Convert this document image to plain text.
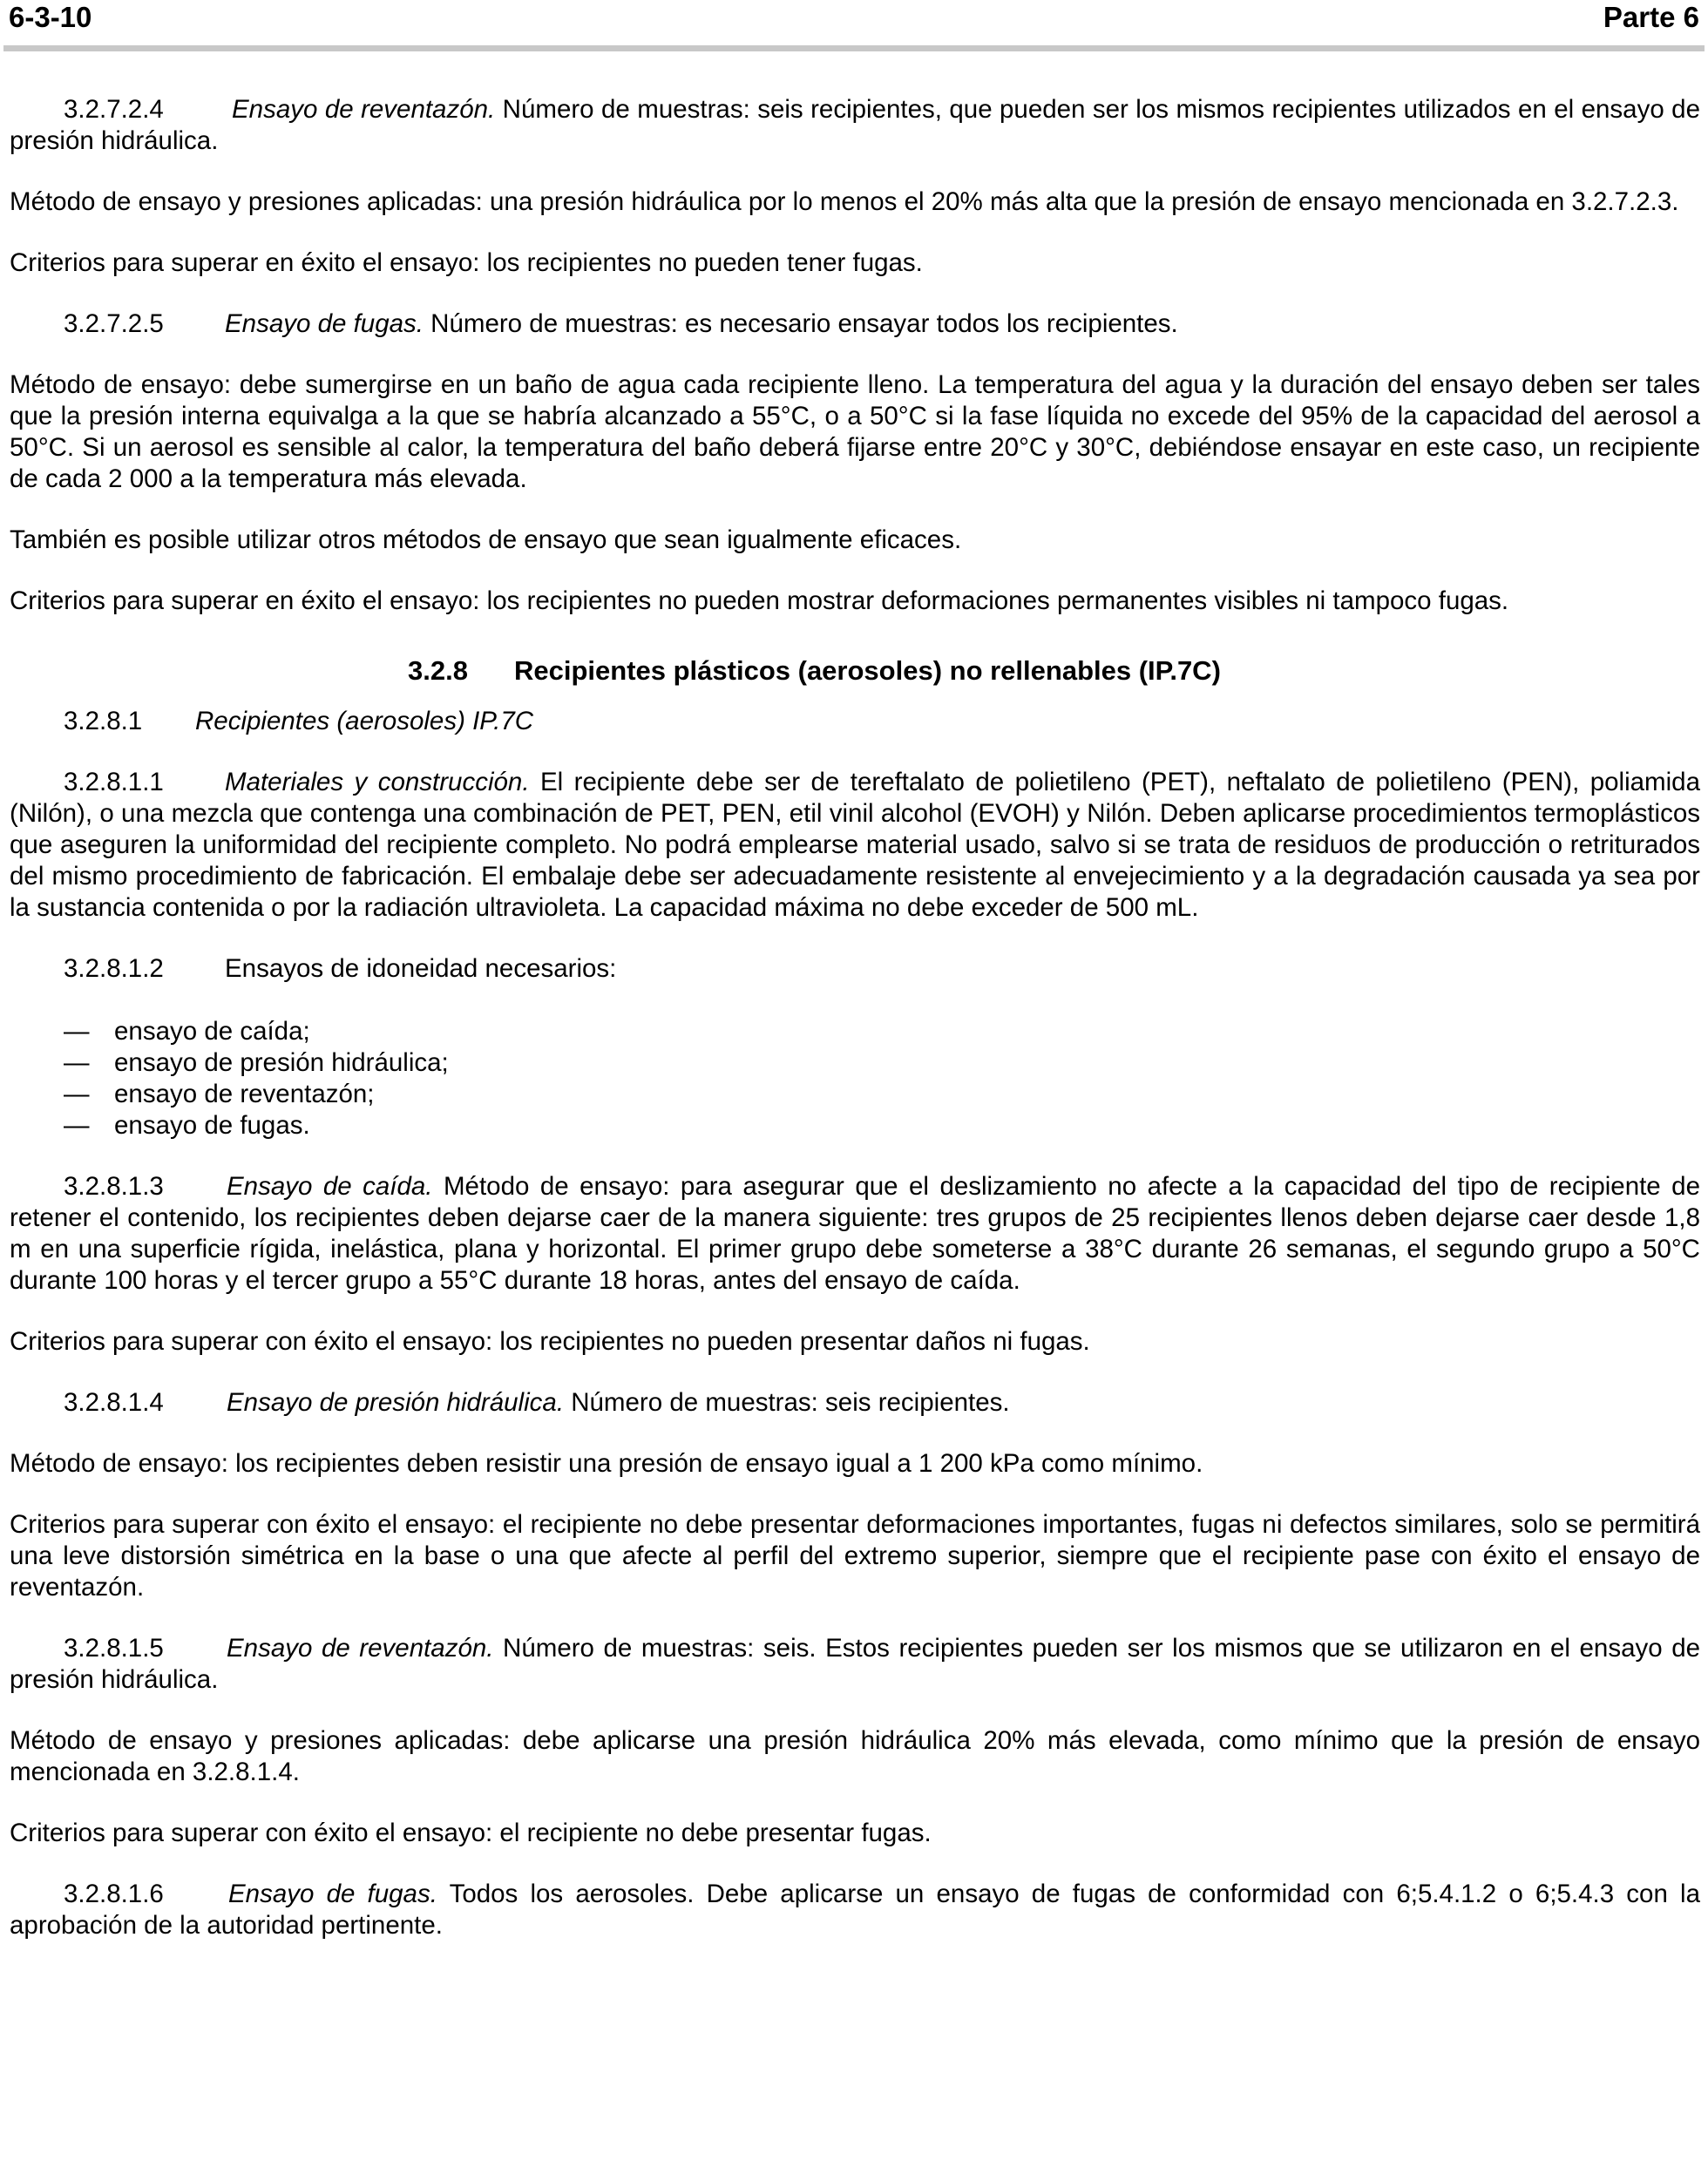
6-3-10	Parte 6

3.2.7.2.4	Ensayo de reventazón. Número de muestras: seis recipientes, que pueden ser los mismos recipientes utilizados en el ensayo de presión hidráulica.

Método de ensayo y presiones aplicadas: una presión hidráulica por lo menos el 20% más alta que la presión de ensayo mencionada en 3.2.7.2.3.

Criterios para superar en éxito el ensayo: los recipientes no pueden tener fugas.

3.2.7.2.5 Ensayo de fugas. Número de muestras: es necesario ensayar todos los recipientes.

Método de ensayo: debe sumergirse en un baño de agua cada recipiente lleno. La temperatura del agua y la duración del ensayo deben ser tales que la presión interna equivalga a la que se habría alcanzado a 55°C, o a 50°C si la fase líquida no excede del 95% de la capacidad del aerosol a 50°C. Si un aerosol es sensible al calor, la temperatura del baño deberá fijarse entre 20°C y 30°C, debiéndose ensayar en este caso, un recipiente de cada 2 000 a la temperatura más elevada.

También es posible utilizar otros métodos de ensayo que sean igualmente eficaces.

Criterios para superar en éxito el ensayo: los recipientes no pueden mostrar deformaciones permanentes visibles ni tampoco fugas.

3.2.8 Recipientes plásticos (aerosoles) no rellenables (IP.7C)

3.2.8.1 Recipientes (aerosoles) IP.7C

3.2.8.1.1 Materiales y construcción. El recipiente debe ser de tereftalato de polietileno (PET), neftalato de polietileno (PEN), poliamida (Nilón), o una mezcla que contenga una combinación de PET, PEN, etil vinil alcohol (EVOH) y Nilón. Deben aplicarse procedimientos termoplásticos que aseguren la uniformidad del recipiente completo. No podrá emplearse material usado, salvo si se trata de residuos de producción o retriturados del mismo procedimiento de fabricación. El embalaje debe ser adecuadamente resistente al envejecimiento y a la degradación causada ya sea por la sustancia contenida o por la radiación ultravioleta. La capacidad máxima no debe exceder de 500 mL.

3.2.8.1.2 Ensayos de idoneidad necesarios:

— ensayo de caída;
— ensayo de presión hidráulica;
— ensayo de reventazón;
— ensayo de fugas.

3.2.8.1.3 Ensayo de caída. Método de ensayo: para asegurar que el deslizamiento no afecte a la capacidad del tipo de recipiente de retener el contenido, los recipientes deben dejarse caer de la manera siguiente: tres grupos de 25 recipientes llenos deben dejarse caer desde 1,8 m en una superficie rígida, inelástica, plana y horizontal. El primer grupo debe someterse a 38°C durante 26 semanas, el segundo grupo a 50°C durante 100 horas y el tercer grupo a 55°C durante 18 horas, antes del ensayo de caída.

Criterios para superar con éxito el ensayo: los recipientes no pueden presentar daños ni fugas.

3.2.8.1.4 Ensayo de presión hidráulica. Número de muestras: seis recipientes.

Método de ensayo: los recipientes deben resistir una presión de ensayo igual a 1 200 kPa como mínimo.

Criterios para superar con éxito el ensayo: el recipiente no debe presentar deformaciones importantes, fugas ni defectos similares, solo se permitirá una leve distorsión simétrica en la base o una que afecte al perfil del extremo superior, siempre que el recipiente pase con éxito el ensayo de reventazón.

3.2.8.1.5 Ensayo de reventazón. Número de muestras: seis. Estos recipientes pueden ser los mismos que se utilizaron en el ensayo de presión hidráulica.

Método de ensayo y presiones aplicadas: debe aplicarse una presión hidráulica 20% más elevada, como mínimo que la presión de ensayo mencionada en 3.2.8.1.4.

Criterios para superar con éxito el ensayo: el recipiente no debe presentar fugas.

3.2.8.1.6	Ensayo de fugas. Todos los aerosoles. Debe aplicarse un ensayo de fugas de conformidad con 6;5.4.1.2 o 6;5.4.3 con la aprobación de la autoridad pertinente.
